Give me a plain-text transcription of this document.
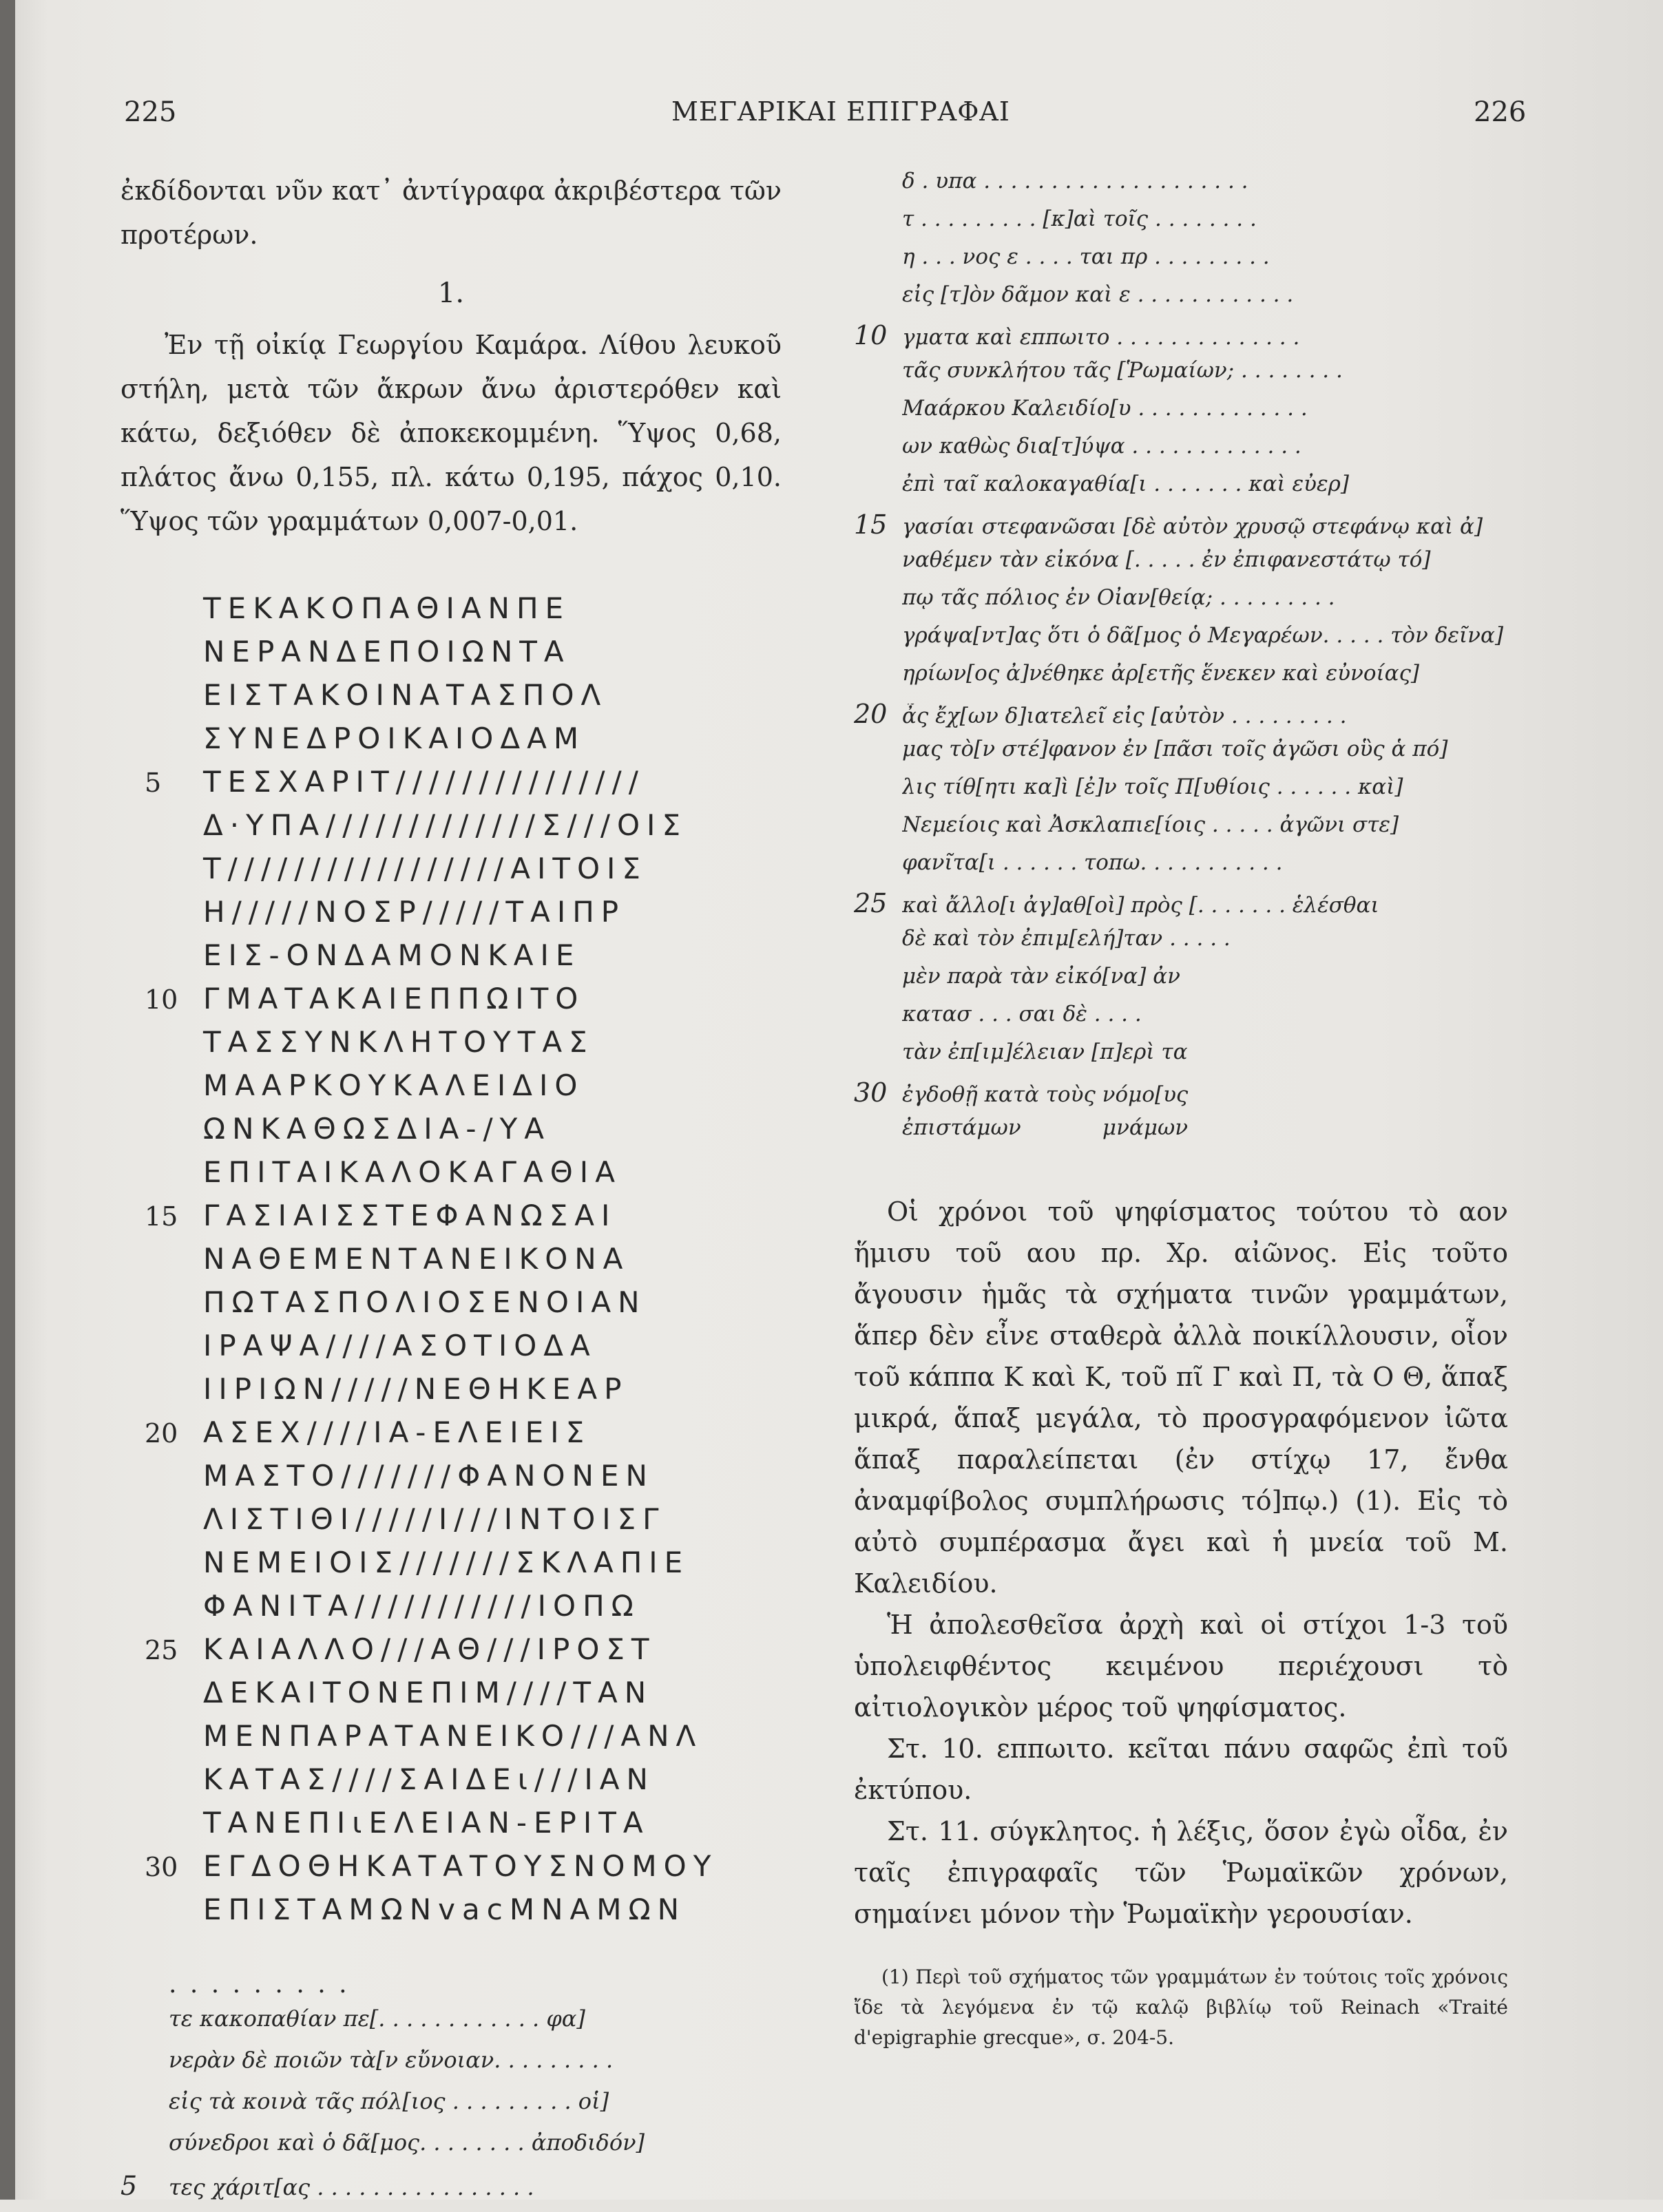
225	ΜΕΓΑΡΙΚΑΙ ΕΠΙΓΡΑΦΑΙ	226

ἐκδίδονται νῦν κατ᾽ ἀντίγραφα ἀκριβέστερα τῶν προτέρων.

1.

Ἐν τῇ οἰκίᾳ Γεωργίου Καμάρα. Λίθου λευκοῦ στήλη, μετὰ τῶν ἄκρων ἄνω ἀριστερόθεν καὶ κάτω, δεξιόθεν δὲ ἀποκεκομμένη. Ὕψος 0,68, πλάτος ἄνω 0,155, πλ. κάτω 0,195, πάχος 0,10. Ὕψος τῶν γραμμάτων 0,007-0,01.

ΤΕΚΑΚΟΠΑΘΙΑΝΠΕ
ΝΕΡΑΝΔΕΠΟΙΩΝΤΑ
ΕΙΣΤΑΚΟΙΝΑΤΑΣΠΟΛ
ΣΥΝΕΔΡΟΙΚΑΙΟΔΑΜ
5	ΤΕΣΧΑΡΙΤ///////////////
Δ·ΥΠΑ/////////////Σ///ΟΙΣ
Τ/////////////////ΑΙΤΟΙΣ
Η/////ΝΟΣΡ/////ΤΑΙΠΡ
ΕΙΣ-ΟΝΔΑΜΟΝΚΑΙΕ
10 ΓΜΑΤΑΚΑΙΕΠΠΩΙΤΟ
ΤΑΣΣΥΝΚΛΗΤΟΥΤΑΣ
ΜΑΑΡΚΟΥΚΑΛΕΙΔΙΟ
ΩΝΚΑΘΩΣΔΙΑ-/ΥΑ
ΕΠΙΤΑΙΚΑΛΟΚΑΓΑΘΙΑ
15 ΓΑΣΙΑΙΣΣΤΕΦΑΝΩΣΑΙ
ΝΑΘΕΜΕΝΤΑΝΕΙΚΟΝΑ
ΠΩΤΑΣΠΟΛΙΟΣΕΝΟΙΑΝ
ΙΡΑΨΑ////ΑΣΟΤΙΟΔΑ
ΙΙΡΙΩΝ/////ΝΕΘΗΚΕΑΡ
20 ΑΣΕΧ////ΙΑ-ΕΛΕΙΕΙΣ
ΜΑΣΤΟ///////ΦΑΝΟΝΕΝ
ΛΙΣΤΙΘΙ/////Ι///ΙΝΤΟΙΣΓ
ΝΕΜΕΙΟΙΣ///////ΣΚΛΑΠΙΕ
ΦΑΝΙΤΑ///////////ΙΟΠΩ
25 ΚΑΙΑΛΛΟ///ΑΘ///ΙΡΟΣΤ
ΔΕΚΑΙΤΟΝΕΠΙΜ////ΤΑΝ
ΜΕΝΠΑΡΑΤΑΝΕΙΚΟ///ΑΝΛ
ΚΑΤΑΣ////ΣΑΙΔΕι///ΙΑΝ
ΤΑΝΕΠΙιΕΛΕΙΑΝ-ΕΡΙΤΑ
30 ΕΓΔΟΘΗΚΑΤΑΤΟΥΣΝΟΜΟΥ
ΕΠΙΣΤΑΜΩΝvacΜΝΑΜΩΝ
. . . . . . . . .
τε κακοπαθίαν πε[. . . . . . . . . . . . φα]
νερὰν δὲ ποιῶν τὰ[ν εὔνοιαν. . . . . . . . .
εἰς τὰ κοινὰ τᾶς πόλ[ιος . . . . . . . . . οἱ]
σύνεδροι καὶ ὁ δᾶ[μος. . . . . . . . ἀποδιδόν]
5	τες χάριτ[ας . . . . . . . . . . . . . . . .
δ . υπα . . . . . . . . . . . . . . . . . . . .
τ . . . . . . . . . [κ]αὶ τοῖς . . . . . . . .
η . . . νος ε . . . . ται πρ . . . . . . . . .
εἰς [τ]ὸν δᾶμον καὶ ε . . . . . . . . . . . .
10 γματα καὶ εππωιτο . . . . . . . . . . . . . .
τᾶς συνκλήτου τᾶς [Ῥωμαίων; . . . . . . . .
Μαάρκου Καλειδίο[υ . . . . . . . . . . . . .
ων καθὼς δια[τ]ύψα . . . . . . . . . . . . .
ἐπὶ ταῖ καλοκαγαθία[ι . . . . . . . καὶ εὐερ]
15 γασίαι στεφανῶσαι [δὲ αὐτὸν χρυσῷ στεφάνῳ καὶ ἀ]
ναθέμεν τὰν εἰκόνα [. . . . . ἐν ἐπιφανεστάτῳ τό]
πῳ τᾶς πόλιος ἐν Οἰαν[θείᾳ; . . . . . . . . .
γράψα[ντ]ας ὅτι ὁ δᾶ[μος ὁ Μεγαρέων. . . . . τὸν δεῖνα]
ηρίων[ος ἀ]νέθηκε ἀρ[ετῆς ἕνεκεν καὶ εὐνοίας]
20 ἆς ἔχ[ων δ]ιατελεῖ εἰς [αὐτὸν . . . . . . . . .
μας τὸ[ν στέ]φανον ἐν [πᾶσι τοῖς ἀγῶσι οὓς ἁ πό]
λις τίθ[ητι κα]ὶ [ἐ]ν τοῖς Π[υθίοις . . . . . . καὶ]
Νεμείοις καὶ Ἀσκλαπιε[ίοις . . . . . ἀγῶνι στε]
φανῖτα[ι . . . . . . τοπω. . . . . . . . . . .
25 καὶ ἄλλο[ι ἀγ]αθ[οὶ] πρὸς [. . . . . . . ἑλέσθαι
δὲ καὶ τὸν ἐπιμ[ελή]ταν . . . . .
μὲν παρὰ τὰν εἰκό[να] ἀν
κατασ . . . σαι δὲ . . . .
τὰν ἐπ[ιμ]έλειαν [π]ερὶ τα
30 ἐγδοθῇ κατὰ τοὺς νόμο[υς
ἐπιστάμων            μνάμων

Οἱ χρόνοι τοῦ ψηφίσματος τούτου τὸ αον ἥμισυ τοῦ αου πρ. Χρ. αἰῶνος. Εἰς τοῦτο ἄγουσιν ἡμᾶς τὰ σχήματα τινῶν γραμμάτων, ἅπερ δὲν εἶνε σταθερὰ ἀλλὰ ποικίλλουσιν, οἷον τοῦ κάππα Κ καὶ Κ, τοῦ πῖ Γ καὶ Π, τὰ Ο Θ, ἅπαξ μικρά, ἅπαξ μεγάλα, τὸ προσγραφόμενον ἰῶτα ἅπαξ παραλείπεται (ἐν στίχῳ 17, ἔνθα ἀναμφίβολος συμπλήρωσις τό]πῳ.) (1). Εἰς τὸ αὐτὸ συμπέρασμα ἄγει καὶ ἡ μνεία τοῦ Μ. Καλειδίου.

Ἡ ἀπολεσθεῖσα ἀρχὴ καὶ οἱ στίχοι 1-3 τοῦ ὑπολειφθέντος κειμένου περιέχουσι τὸ αἰτιολογικὸν μέρος τοῦ ψηφίσματος.

Στ. 10. εππωιτο. κεῖται πάνυ σαφῶς ἐπὶ τοῦ ἐκτύπου.

Στ. 11. σύγκλητος. ἡ λέξις, ὅσον ἐγὼ οἶδα, ἐν ταῖς ἐπιγραφαῖς τῶν Ῥωμαϊκῶν χρόνων, σημαίνει μόνον τὴν Ῥωμαϊκὴν γερουσίαν.

(1) Περὶ τοῦ σχήματος τῶν γραμμάτων ἐν τούτοις τοῖς χρόνοις ἴδε τὰ λεγόμενα ἐν τῷ καλῷ βιβλίῳ τοῦ Reinach «Traité d'epigraphie grecque», σ. 204-5.
